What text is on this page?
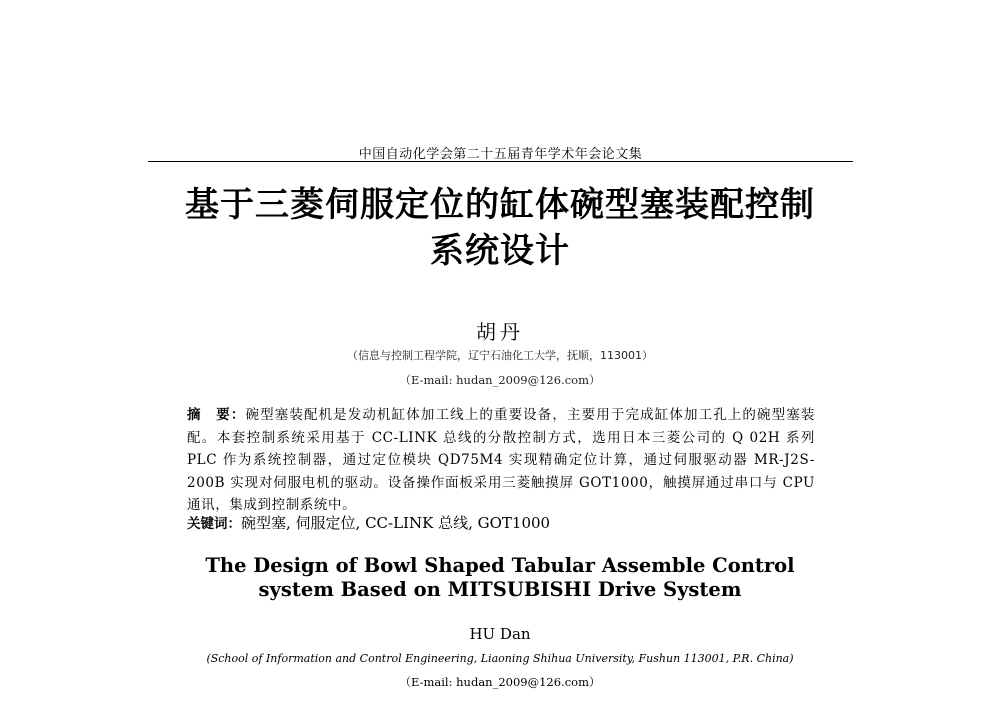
中国自动化学会第二十五届青年学术年会论文集
基于三菱伺服定位的缸体碗型塞装配控制
系统设计
胡丹
（信息与控制工程学院，辽宁石油化工大学，抚顺，113001）
（E-mail: hudan_2009@126.com）
摘　要：碗型塞装配机是发动机缸体加工线上的重要设备，主要用于完成缸体加工孔上的碗型塞装配。本套控制系统采用基于 CC-LINK 总线的分散控制方式，选用日本三菱公司的 Q 02H 系列 PLC 作为系统控制器，通过定位模块 QD75M4 实现精确定位计算，通过伺服驱动器 MR-J2S-200B 实现对伺服电机的驱动。设备操作面板采用三菱触摸屏 GOT1000，触摸屏通过串口与 CPU 通讯，集成到控制系统中。
关键词：碗型塞, 伺服定位, CC-LINK 总线, GOT1000
The Design of Bowl Shaped Tabular Assemble Control
system Based on MITSUBISHI Drive System
HU Dan
(School of Information and Control Engineering, Liaoning Shihua University, Fushun 113001, P.R. China)
（E-mail: hudan_2009@126.com）
